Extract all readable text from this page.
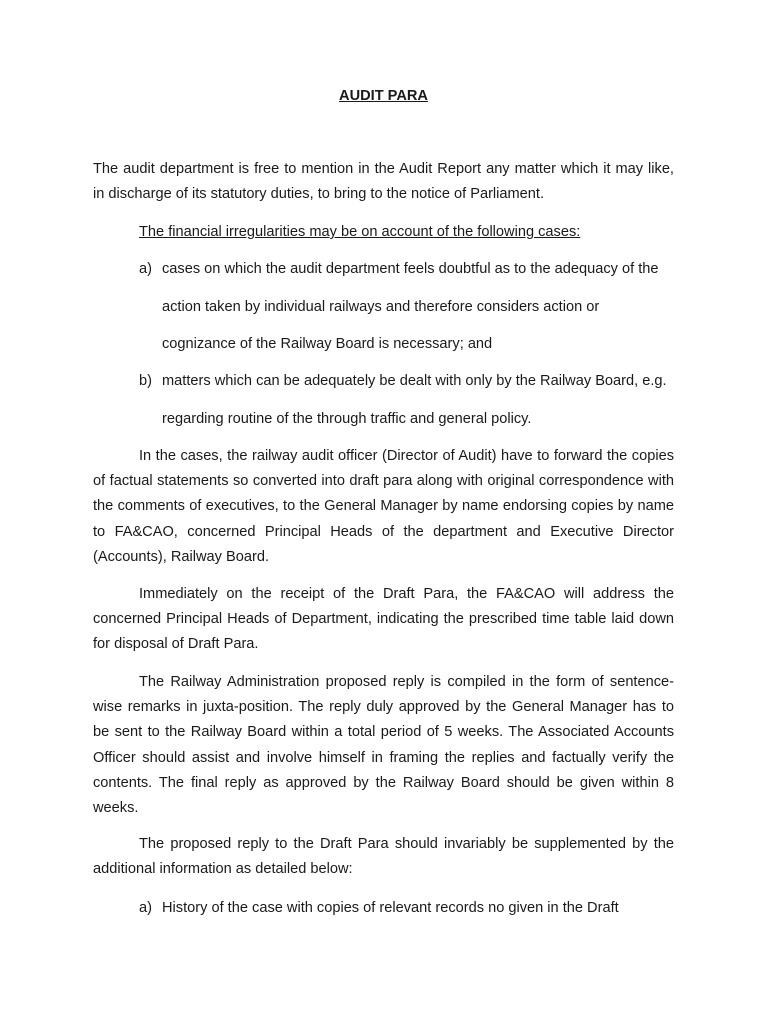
AUDIT PARA

The audit department is free to mention in the Audit Report any matter which it may like, in discharge of its statutory duties, to bring to the notice of Parliament.

The financial irregularities may be on account of the following cases:

a) cases on which the audit department feels doubtful as to the adequacy of the action taken by individual railways and therefore considers action or cognizance of the Railway Board is necessary; and
b) matters which can be adequately be dealt with only by the Railway Board, e.g. regarding routine of the through traffic and general policy.

In the cases, the railway audit officer (Director of Audit) have to forward the copies of factual statements so converted into draft para along with original correspondence with the comments of executives, to the General Manager by name endorsing copies by name to FA&CAO, concerned Principal Heads of the department and Executive Director (Accounts), Railway Board.

Immediately on the receipt of the Draft Para, the FA&CAO will address the concerned Principal Heads of Department, indicating the prescribed time table laid down for disposal of Draft Para.

The Railway Administration proposed reply is compiled in the form of sentence-wise remarks in juxta-position. The reply duly approved by the General Manager has to be sent to the Railway Board within a total period of 5 weeks. The Associated Accounts Officer should assist and involve himself in framing the replies and factually verify the contents. The final reply as approved by the Railway Board should be given within 8 weeks.

The proposed reply to the Draft Para should invariably be supplemented by the additional information as detailed below:

a) History of the case with copies of relevant records no given in the Draft
